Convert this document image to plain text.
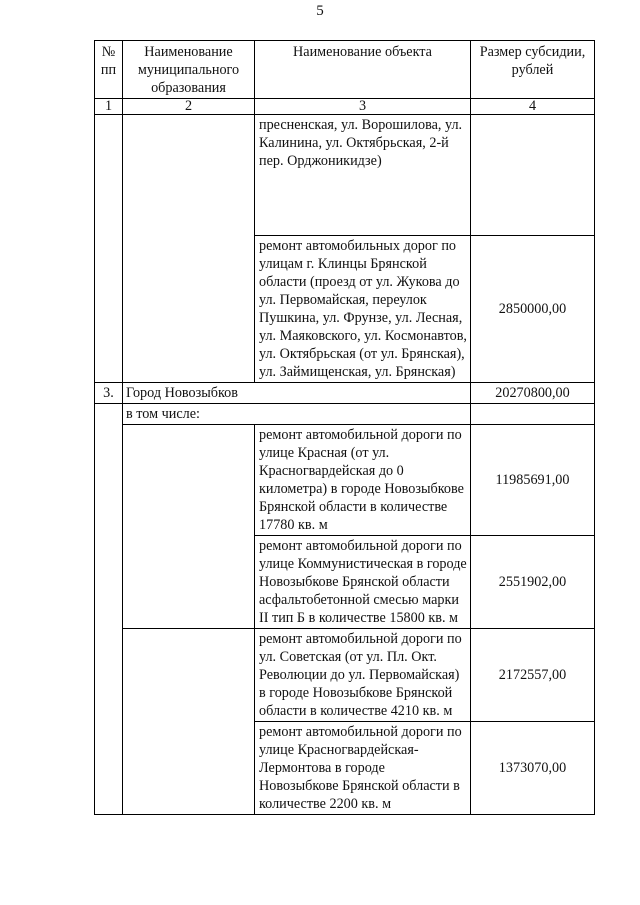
5
№ пп	Наименование муниципального образования	Наименование объекта	Размер субсидии, рублей
1	2	3	4
		пресненская, ул. Ворошилова, ул. Калинина, ул. Октябрьская, 2-й пер. Орджоникидзе)	
		ремонт автомобильных дорог по улицам г. Клинцы Брянской области (проезд от ул. Жукова до ул. Первомайская, переулок Пушкина, ул. Фрунзе, ул. Лесная, ул. Маяковского, ул. Космонавтов, ул. Октябрьская (от ул. Брянская), ул. Займищенская, ул. Брянская)	2850000,00
3.	Город Новозыбков		20270800,00
	в том числе:		
		ремонт автомобильной дороги по улице Красная (от ул. Красногвардейская до 0 километра) в городе Новозыбкове Брянской области в количестве 17780 кв. м	11985691,00
		ремонт автомобильной дороги по улице Коммунистическая в городе Новозыбкове Брянской области асфальтобетонной смесью марки II тип Б в количестве 15800 кв. м	2551902,00
		ремонт автомобильной дороги по ул. Советская (от ул. Пл. Окт. Революции до ул. Первомайская) в городе Новозыбкове Брянской области в количестве 4210 кв. м	2172557,00
		ремонт автомобильной дороги по улице Красногвардейская-Лермонтова в городе Новозыбкове Брянской области в количестве 2200 кв. м	1373070,00
